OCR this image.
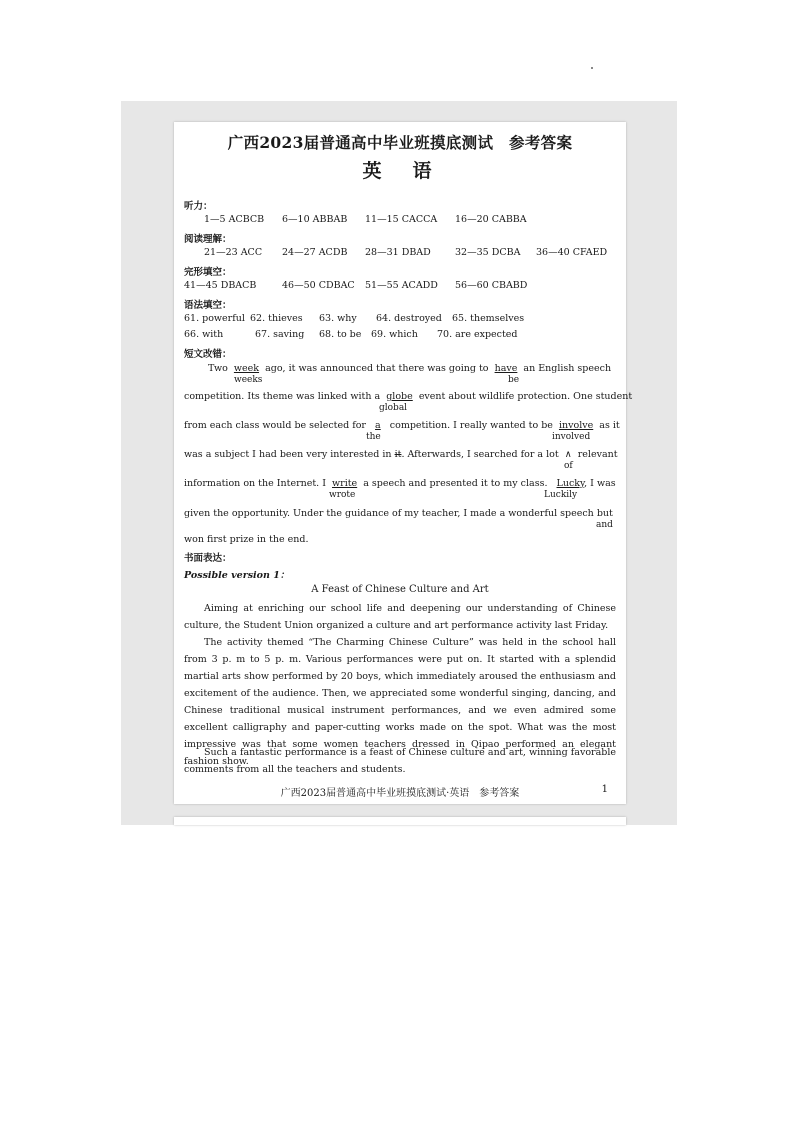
广西2023届普通高中毕业班摸底测试　参考答案
英　语
听力：
1—5 ACBCB 6—10 ABBAB 11—15 CACCA 16—20 CABBA
阅读理解：
21—23 ACC 24—27 ACDB 28—31 DBAD	32—35 DCBA 36—40 CFAED
完形填空：
41—45 DBACB	46—50 CDBAC 51—55 ACADD 56—60 CBABD
语法填空：
61. powerful 62. thieves 63. why 64. destroyed 65. themselves
66. with	67. saving 68. to be 69. which 70. are expected
短文改错：
Two week ago, it was announced that there was going to have an English speech
weeks	be
competition. Its theme was linked with a globe event about wildlife protection. One student
global
from each class would be selected for a competition. I really wanted to be involve as it
the	involved
was a subject I had been very interested in it. Afterwards, I searched for a lot ∧ relevant
of
information on the Internet. I write a speech and presented it to my class. Lucky, I was
wrote	Luckily
given the opportunity. Under the guidance of my teacher, I made a wonderful speech but
and
won first prize in the end.
书面表达：
Possible version 1：
A Feast of Chinese Culture and Art
Aiming at enriching our school life and deepening our understanding of Chinese culture, the Student Union organized a culture and art performance activity last Friday.
The activity themed “The Charming Chinese Culture” was held in the school hall from 3 p. m to 5 p. m. Various performances were put on. It started with a splendid martial arts show performed by 20 boys, which immediately aroused the enthusiasm and excitement of the audience. Then, we appreciated some wonderful singing, dancing, and Chinese traditional musical instrument performances, and we even admired some excellent calligraphy and paper-cutting works made on the spot. What was the most impressive was that some women teachers dressed in Qipao performed an elegant fashion show.
Such a fantastic performance is a feast of Chinese culture and art, winning favorable comments from all the teachers and students.
广西2023届普通高中毕业班摸底测试·英语　参考答案	1
